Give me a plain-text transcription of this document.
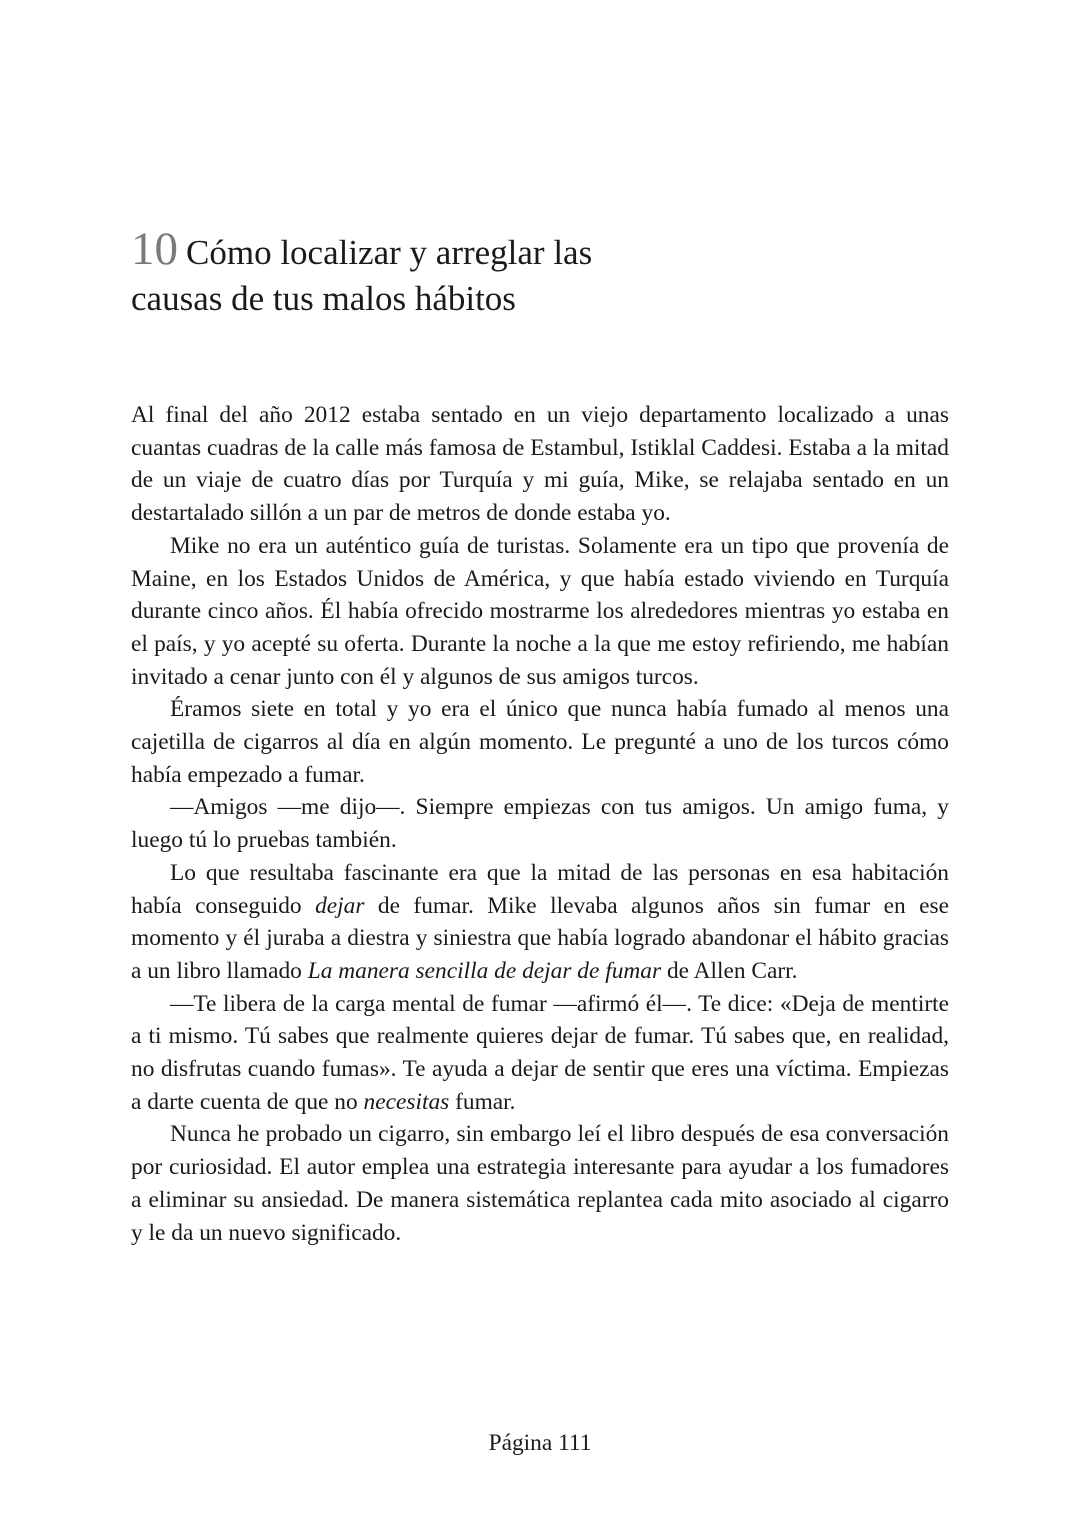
10 Cómo localizar y arreglar las
causas de tus malos hábitos

Al final del año 2012 estaba sentado en un viejo departamento localizado a unas cuantas cuadras de la calle más famosa de Estambul, Istiklal Caddesi. Estaba a la mitad de un viaje de cuatro días por Turquía y mi guía, Mike, se relajaba sentado en un destartalado sillón a un par de metros de donde estaba yo.

Mike no era un auténtico guía de turistas. Solamente era un tipo que provenía de Maine, en los Estados Unidos de América, y que había estado viviendo en Turquía durante cinco años. Él había ofrecido mostrarme los alrededores mientras yo estaba en el país, y yo acepté su oferta. Durante la noche a la que me estoy refiriendo, me habían invitado a cenar junto con él y algunos de sus amigos turcos.

Éramos siete en total y yo era el único que nunca había fumado al menos una cajetilla de cigarros al día en algún momento. Le pregunté a uno de los turcos cómo había empezado a fumar.

—Amigos —me dijo—. Siempre empiezas con tus amigos. Un amigo fuma, y luego tú lo pruebas también.

Lo que resultaba fascinante era que la mitad de las personas en esa habitación había conseguido dejar de fumar. Mike llevaba algunos años sin fumar en ese momento y él juraba a diestra y siniestra que había logrado abandonar el hábito gracias a un libro llamado La manera sencilla de dejar de fumar de Allen Carr.

—Te libera de la carga mental de fumar —afirmó él—. Te dice: «Deja de mentirte a ti mismo. Tú sabes que realmente quieres dejar de fumar. Tú sabes que, en realidad, no disfrutas cuando fumas». Te ayuda a dejar de sentir que eres una víctima. Empiezas a darte cuenta de que no necesitas fumar.

Nunca he probado un cigarro, sin embargo leí el libro después de esa conversación por curiosidad. El autor emplea una estrategia interesante para ayudar a los fumadores a eliminar su ansiedad. De manera sistemática replantea cada mito asociado al cigarro y le da un nuevo significado.

Página 111
